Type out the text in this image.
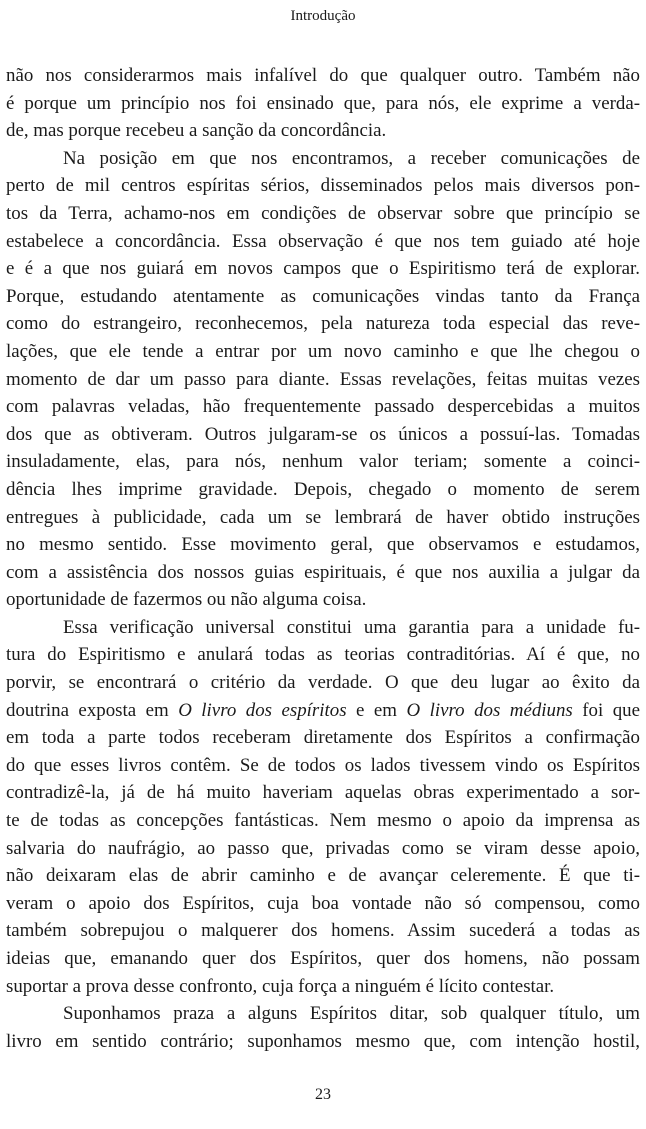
Introdução
não nos considerarmos mais infalível do que qualquer outro. Também não
é porque um princípio nos foi ensinado que, para nós, ele exprime a verda-
de, mas porque recebeu a sanção da concordância.
Na posição em que nos encontramos, a receber comunicações de
perto de mil centros espíritas sérios, disseminados pelos mais diversos pon-
tos da Terra, achamo-nos em condições de observar sobre que princípio se
estabelece a concordância. Essa observação é que nos tem guiado até hoje
e é a que nos guiará em novos campos que o Espiritismo terá de explorar.
Porque, estudando atentamente as comunicações vindas tanto da França
como do estrangeiro, reconhecemos, pela natureza toda especial das reve-
lações, que ele tende a entrar por um novo caminho e que lhe chegou o
momento de dar um passo para diante. Essas revelações, feitas muitas vezes
com palavras veladas, hão frequentemente passado despercebidas a muitos
dos que as obtiveram. Outros julgaram-se os únicos a possuí-las. Tomadas
insuladamente, elas, para nós, nenhum valor teriam; somente a coinci-
dência lhes imprime gravidade. Depois, chegado o momento de serem
entregues à publicidade, cada um se lembrará de haver obtido instruções
no mesmo sentido. Esse movimento geral, que observamos e estudamos,
com a assistência dos nossos guias espirituais, é que nos auxilia a julgar da
oportunidade de fazermos ou não alguma coisa.
Essa verificação universal constitui uma garantia para a unidade fu-
tura do Espiritismo e anulará todas as teorias contraditórias. Aí é que, no
porvir, se encontrará o critério da verdade. O que deu lugar ao êxito da
doutrina exposta em O livro dos espíritos e em O livro dos médiuns foi que
em toda a parte todos receberam diretamente dos Espíritos a confirmação
do que esses livros contêm. Se de todos os lados tivessem vindo os Espíritos
contradizê-la, já de há muito haveriam aquelas obras experimentado a sor-
te de todas as concepções fantásticas. Nem mesmo o apoio da imprensa as
salvaria do naufrágio, ao passo que, privadas como se viram desse apoio,
não deixaram elas de abrir caminho e de avançar celeremente. É que ti-
veram o apoio dos Espíritos, cuja boa vontade não só compensou, como
também sobrepujou o malquerer dos homens. Assim sucederá a todas as
ideias que, emanando quer dos Espíritos, quer dos homens, não possam
suportar a prova desse confronto, cuja força a ninguém é lícito contestar.
Suponhamos praza a alguns Espíritos ditar, sob qualquer título, um
livro em sentido contrário; suponhamos mesmo que, com intenção hostil,
23
